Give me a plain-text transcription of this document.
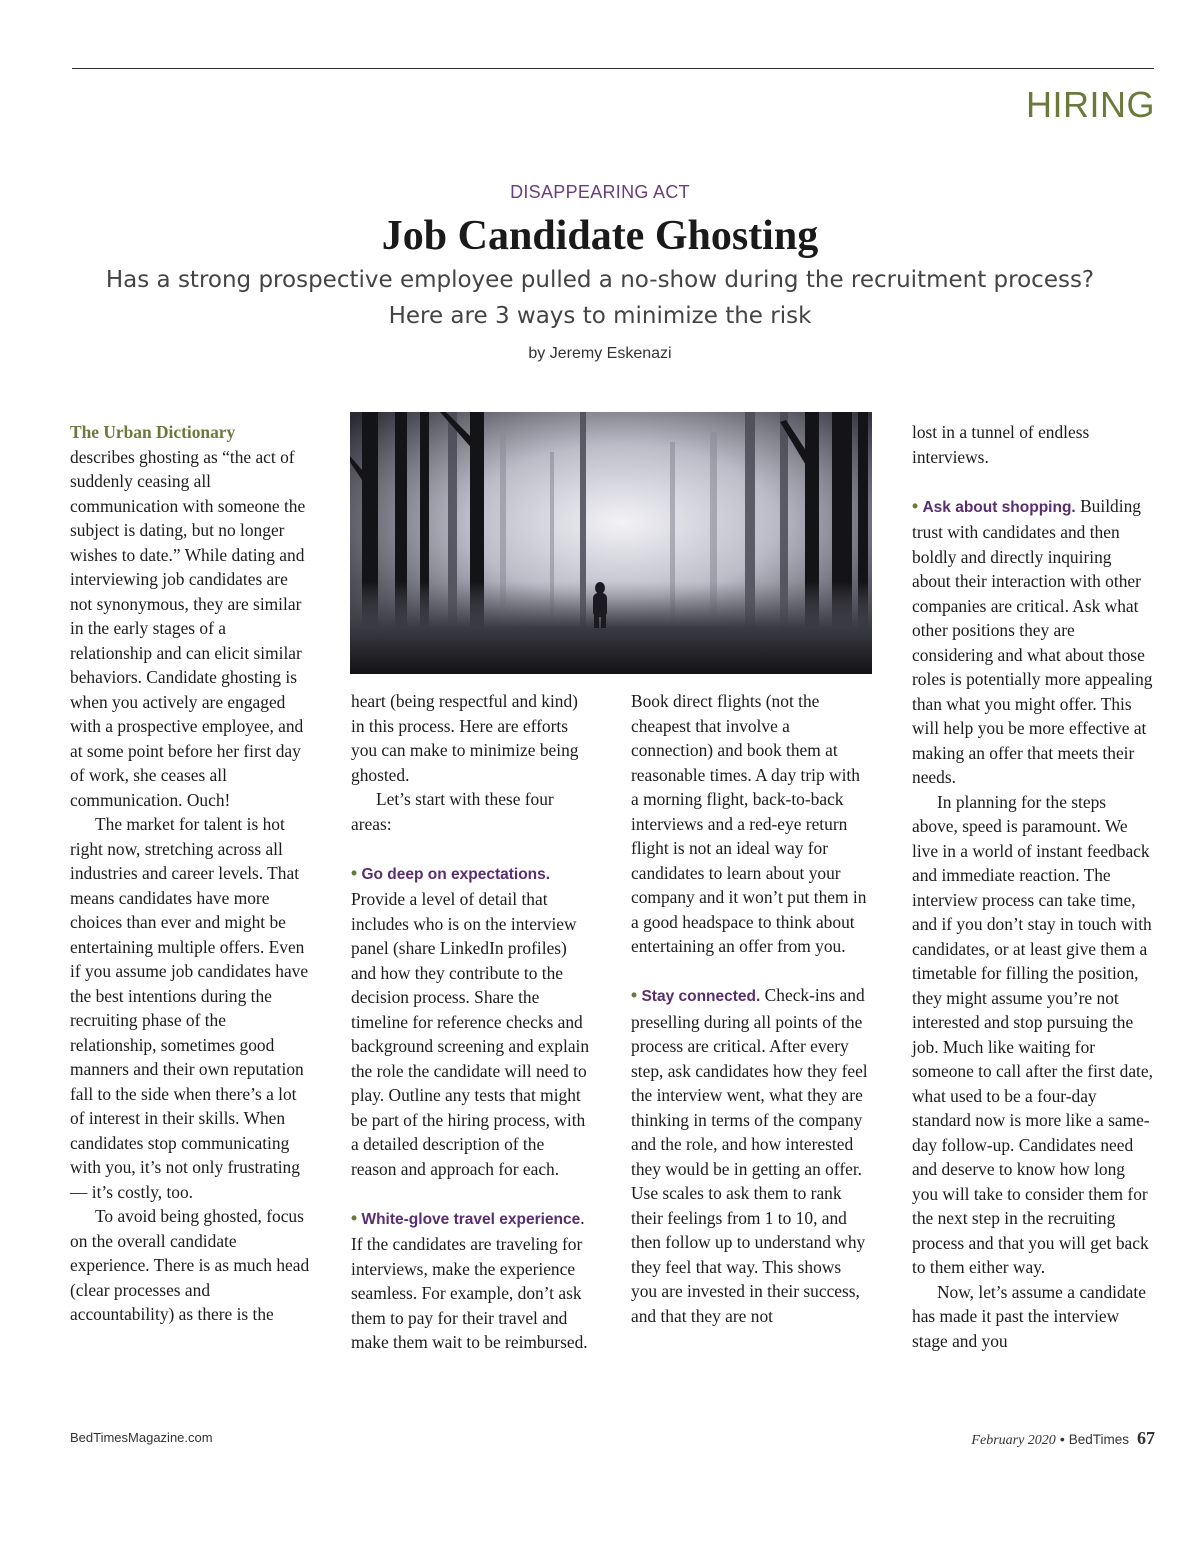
HIRING
DISAPPEARING ACT
Job Candidate Ghosting
Has a strong prospective employee pulled a no-show during the recruitment process?
Here are 3 ways to minimize the risk
by Jeremy Eskenazi

The Urban Dictionary
describes ghosting as “the act of suddenly ceasing all communication with someone the subject is dating, but no longer wishes to date.” While dating and interviewing job candidates are not synonymous, they are similar in the early stages of a relationship and can elicit similar behaviors. Candidate ghosting is when you actively are engaged with a prospective employee, and at some point before her first day of work, she ceases all communication. Ouch!

The market for talent is hot right now, stretching across all industries and career levels. That means candidates have more choices than ever and might be entertaining multiple offers. Even if you assume job candidates have the best intentions during the recruiting phase of the relationship, sometimes good manners and their own reputation fall to the side when there’s a lot of interest in their skills. When candidates stop communicating with you, it’s not only frustrating — it’s costly, too.

To avoid being ghosted, focus on the overall candidate experience. There is as much head (clear processes and accountability) as there is the

heart (being respectful and kind) in this process. Here are efforts you can make to minimize being ghosted.

Let’s start with these four areas:

• Go deep on expectations.
Provide a level of detail that includes who is on the interview panel (share LinkedIn profiles) and how they contribute to the decision process. Share the timeline for reference checks and background screening and explain the role the candidate will need to play. Outline any tests that might be part of the hiring process, with a detailed description of the reason and approach for each.

• White-glove travel experience. If the candidates are traveling for interviews, make the experience seamless. For example, don’t ask them to pay for their travel and make them wait to be reimbursed.

Book direct flights (not the cheapest that involve a connection) and book them at reasonable times. A day trip with a morning flight, back-to-back interviews and a red-eye return flight is not an ideal way for candidates to learn about your company and it won’t put them in a good headspace to think about entertaining an offer from you.

• Stay connected. Check-ins and preselling during all points of the process are critical. After every step, ask candidates how they feel the interview went, what they are thinking in terms of the company and the role, and how interested they would be in getting an offer. Use scales to ask them to rank their feelings from 1 to 10, and then follow up to understand why they feel that way. This shows you are invested in their success, and that they are not

lost in a tunnel of endless interviews.

• Ask about shopping. Building trust with candidates and then boldly and directly inquiring about their interaction with other companies are critical. Ask what other positions they are considering and what about those roles is potentially more appealing than what you might offer. This will help you be more effective at making an offer that meets their needs.

In planning for the steps above, speed is paramount. We live in a world of instant feedback and immediate reaction. The interview process can take time, and if you don’t stay in touch with candidates, or at least give them a timetable for filling the position, they might assume you’re not interested and stop pursuing the job. Much like waiting for someone to call after the first date, what used to be a four-day standard now is more like a same-day follow-up. Candidates need and deserve to know how long you will take to consider them for the next step in the recruiting process and that you will get back to them either way.

Now, let’s assume a candidate has made it past the interview stage and you

BedTimesMagazine.com	February 2020 • BedTimes 67
